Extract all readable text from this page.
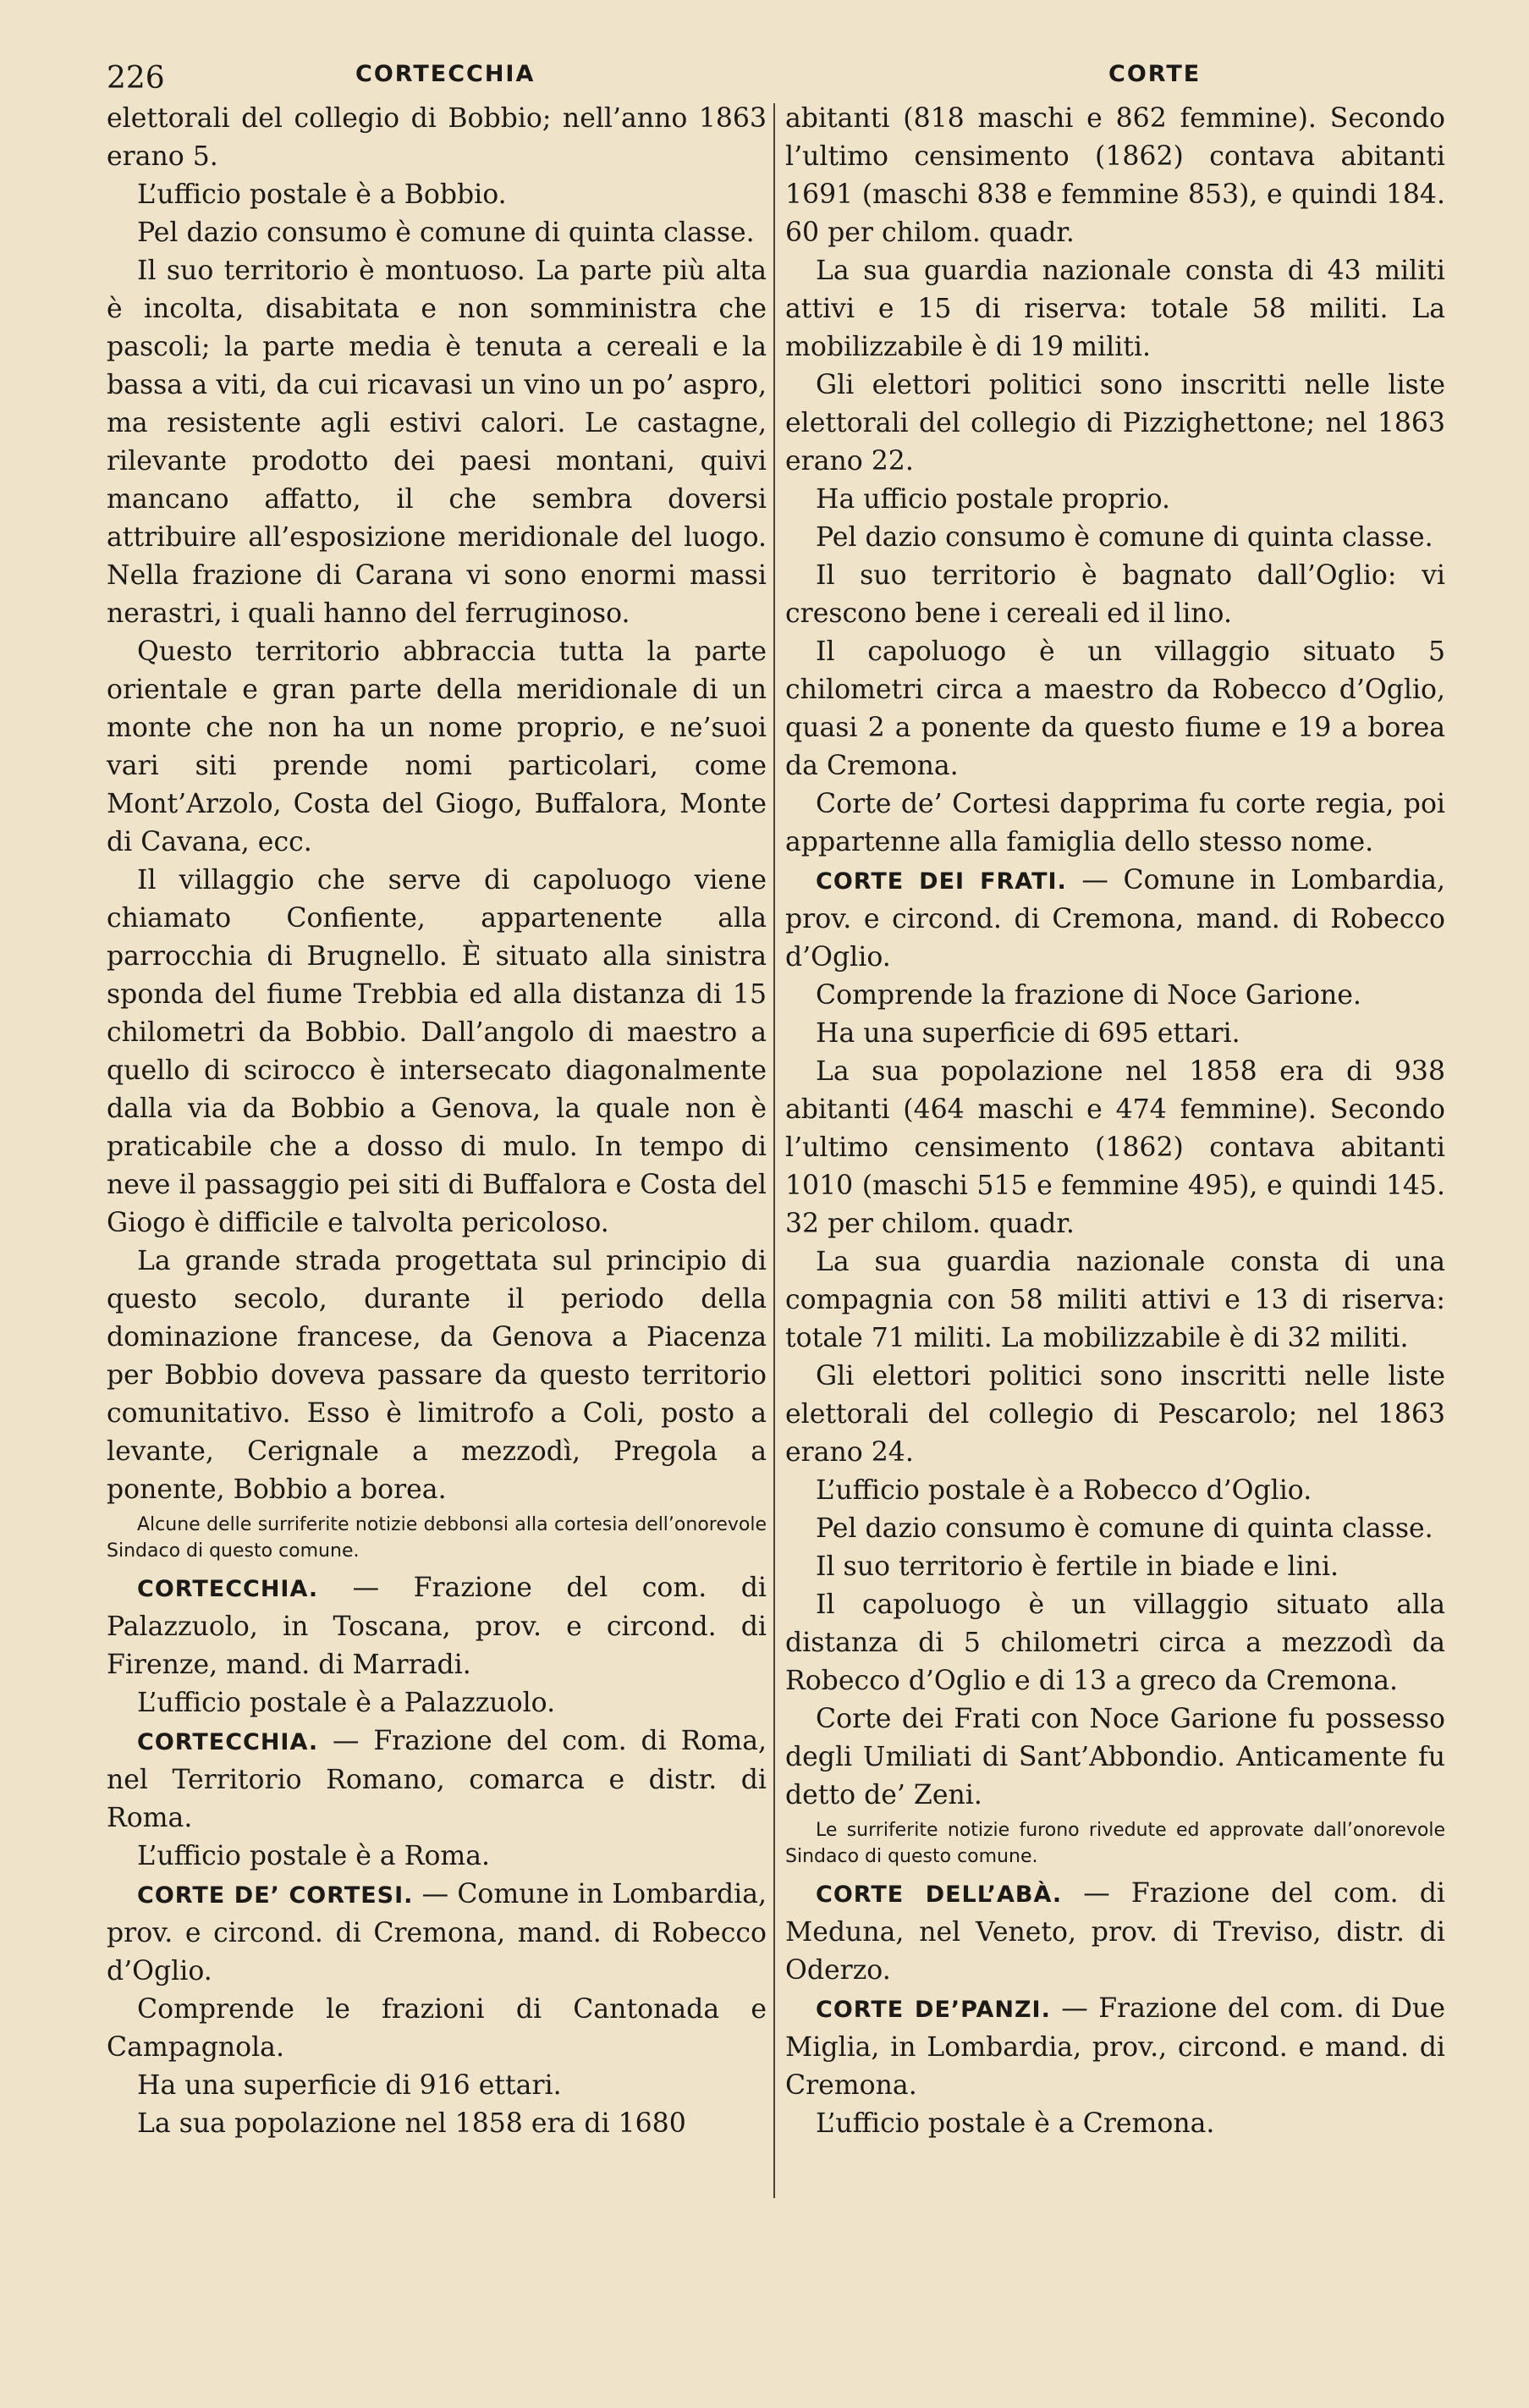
226	CORTECCHIA	CORTE

elettorali del collegio di Bobbio; nell’anno 1863 erano 5.

L’ufficio postale è a Bobbio.

Pel dazio consumo è comune di quinta classe.

Il suo territorio è montuoso. La parte più alta è incolta, disabitata e non somministra che pascoli; la parte media è tenuta a cereali e la bassa a viti, da cui ricavasi un vino un po’ aspro, ma resistente agli estivi calori. Le castagne, rilevante prodotto dei paesi montani, quivi mancano affatto, il che sembra doversi attribuire all’esposizione meridionale del luogo. Nella frazione di Carana vi sono enormi massi nerastri, i quali hanno del ferruginoso.

Questo territorio abbraccia tutta la parte orientale e gran parte della meridionale di un monte che non ha un nome proprio, e ne’suoi vari siti prende nomi particolari, come Mont’Arzolo, Costa del Giogo, Buffalora, Monte di Cavana, ecc.

Il villaggio che serve di capoluogo viene chiamato Confiente, appartenente alla parrocchia di Brugnello. È situato alla sinistra sponda del fiume Trebbia ed alla distanza di 15 chilometri da Bobbio. Dall’angolo di maestro a quello di scirocco è intersecato diagonalmente dalla via da Bobbio a Genova, la quale non è praticabile che a dosso di mulo. In tempo di neve il passaggio pei siti di Buffalora e Costa del Giogo è difficile e talvolta pericoloso.

La grande strada progettata sul principio di questo secolo, durante il periodo della dominazione francese, da Genova a Piacenza per Bobbio doveva passare da questo territorio comunitativo. Esso è limitrofo a Coli, posto a levante, Cerignale a mezzodì, Pregola a ponente, Bobbio a borea.

Alcune delle surriferite notizie debbonsi alla cortesia dell’onorevole Sindaco di questo comune.

CORTECCHIA. — Frazione del com. di Palazzuolo, in Toscana, prov. e circond. di Firenze, mand. di Marradi.

L’ufficio postale è a Palazzuolo.

CORTECCHIA. — Frazione del com. di Roma, nel Territorio Romano, comarca e distr. di Roma.

L’ufficio postale è a Roma.

CORTE DE’ CORTESI. — Comune in Lombardia, prov. e circond. di Cremona, mand. di Robecco d’Oglio.

Comprende le frazioni di Cantonada e Campagnola.

Ha una superficie di 916 ettari.

La sua popolazione nel 1858 era di 1680

abitanti (818 maschi e 862 femmine). Secondo l’ultimo censimento (1862) contava abitanti 1691 (maschi 838 e femmine 853), e quindi 184. 60 per chilom. quadr.

La sua guardia nazionale consta di 43 militi attivi e 15 di riserva: totale 58 militi. La mobilizzabile è di 19 militi.

Gli elettori politici sono inscritti nelle liste elettorali del collegio di Pizzighettone; nel 1863 erano 22.

Ha ufficio postale proprio.

Pel dazio consumo è comune di quinta classe.

Il suo territorio è bagnato dall’Oglio: vi crescono bene i cereali ed il lino.

Il capoluogo è un villaggio situato 5 chilometri circa a maestro da Robecco d’Oglio, quasi 2 a ponente da questo fiume e 19 a borea da Cremona.

Corte de’ Cortesi dapprima fu corte regia, poi appartenne alla famiglia dello stesso nome.

CORTE DEI FRATI. — Comune in Lombardia, prov. e circond. di Cremona, mand. di Robecco d’Oglio.

Comprende la frazione di Noce Garione.

Ha una superficie di 695 ettari.

La sua popolazione nel 1858 era di 938 abitanti (464 maschi e 474 femmine). Secondo l’ultimo censimento (1862) contava abitanti 1010 (maschi 515 e femmine 495), e quindi 145. 32 per chilom. quadr.

La sua guardia nazionale consta di una compagnia con 58 militi attivi e 13 di riserva: totale 71 militi. La mobilizzabile è di 32 militi.

Gli elettori politici sono inscritti nelle liste elettorali del collegio di Pescarolo; nel 1863 erano 24.

L’ufficio postale è a Robecco d’Oglio.

Pel dazio consumo è comune di quinta classe.

Il suo territorio è fertile in biade e lini.

Il capoluogo è un villaggio situato alla distanza di 5 chilometri circa a mezzodì da Robecco d’Oglio e di 13 a greco da Cremona.

Corte dei Frati con Noce Garione fu possesso degli Umiliati di Sant’Abbondio. Anticamente fu detto de’ Zeni.

Le surriferite notizie furono rivedute ed approvate dall’onorevole Sindaco di questo comune.

CORTE DELL’ABÀ. — Frazione del com. di Meduna, nel Veneto, prov. di Treviso, distr. di Oderzo.

CORTE DE’PANZI. — Frazione del com. di Due Miglia, in Lombardia, prov., circond. e mand. di Cremona.

L’ufficio postale è a Cremona.
